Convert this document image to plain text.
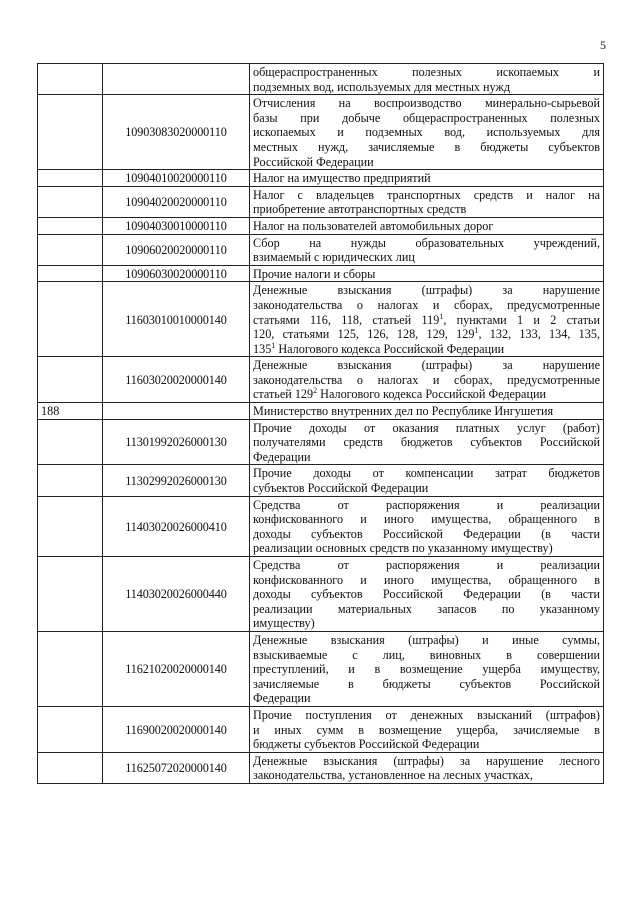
5

		общераспространенных полезных ископаемых и
подземных вод, используемых для местных нужд

	10903083020000110	Отчисления на воспроизводство минерально-сырьевой
базы при добыче общераспространенных полезных
ископаемых и подземных вод, используемых для
местных нужд, зачисляемые в бюджеты субъектов
Российской Федерации

	10904010020000110	Налог на имущество предприятий

	10904020020000110	Налог с владельцев транспортных средств и налог на
приобретение автотранспортных средств

	10904030010000110	Налог на пользователей автомобильных дорог

	10906020020000110	Сбор на нужды образовательных учреждений,
взимаемый с юридических лиц

	10906030020000110	Прочие налоги и сборы

	11603010010000140	Денежные взыскания (штрафы) за нарушение
законодательства о налогах и сборах, предусмотренные
статьями 116, 118, статьей $119^1$, пунктами 1 и 2 статьи
120, статьями 125, 126, 128, 129, $129^1$, 132, 133, 134, 135,
$135^1$ Налогового кодекса Российской Федерации

	11603020020000140	Денежные взыскания (штрафы) за нарушение
законодательства о налогах и сборах, предусмотренные
статьей $129^2$ Налогового кодекса Российской Федерации

188		Министерство внутренних дел по Республике Ингушетия

	11301992026000130	Прочие доходы от оказания платных услуг (работ)
получателями средств бюджетов субъектов Российской
Федерации

	11302992026000130	Прочие доходы от компенсации затрат бюджетов
субъектов Российской Федерации

	11403020026000410	Средства от распоряжения и реализации
конфискованного и иного имущества, обращенного в
доходы субъектов Российской Федерации (в части
реализации основных средств по указанному имуществу)

	11403020026000440	Средства от распоряжения и реализации
конфискованного и иного имущества, обращенного в
доходы субъектов Российской Федерации (в части
реализации материальных запасов по указанному
имуществу)

	11621020020000140	Денежные взыскания (штрафы) и иные суммы,
взыскиваемые с лиц, виновных в совершении
преступлений, и в возмещение ущерба имуществу,
зачисляемые в бюджеты субъектов Российской
Федерации

	11690020020000140	Прочие поступления от денежных взысканий (штрафов)
и иных сумм в возмещение ущерба, зачисляемые в
бюджеты субъектов Российской Федерации

	11625072020000140	Денежные взыскания (штрафы) за нарушение лесного
законодательства, установленное на лесных участках,
